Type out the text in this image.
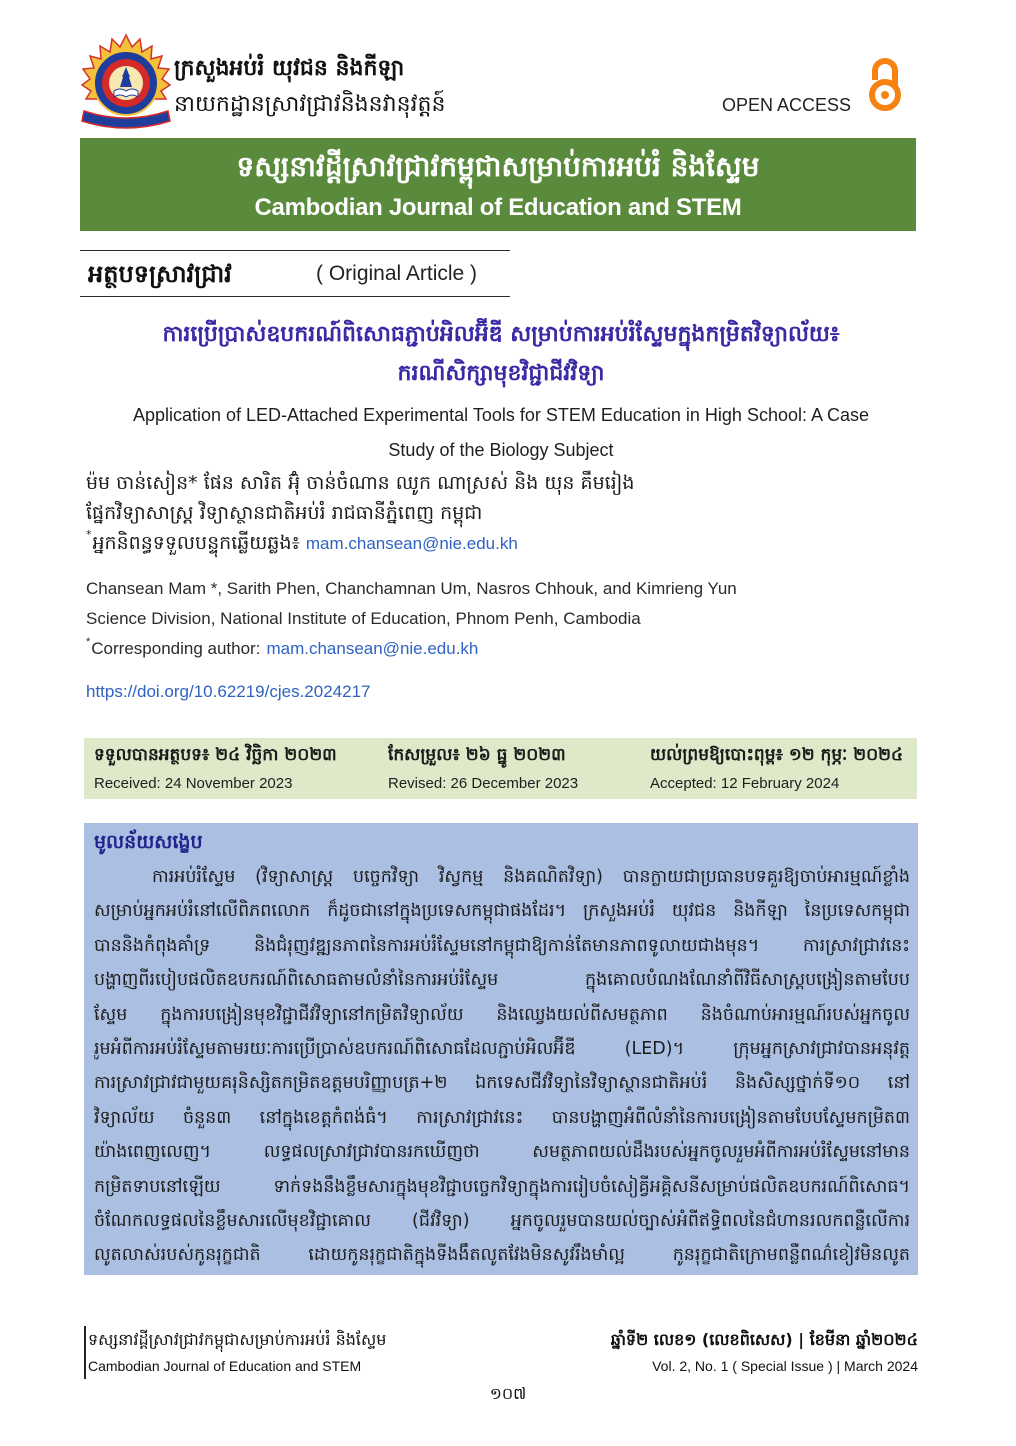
ក្រសួងអប់រំ យុវជន និងកីឡា
នាយកដ្ឋានស្រាវជ្រាវនិងនវានុវត្តន៍	OPEN ACCESS
ទស្សនាវដ្ដីស្រាវជ្រាវកម្ពុជាសម្រាប់ការអប់រំ និងស្ទែម
Cambodian Journal of Education and STEM
អត្ថបទស្រាវជ្រាវ	( Original Article )
ការប្រើប្រាស់ឧបករណ៍ពិសោធភ្ជាប់អិលអ៊ីឌី សម្រាប់ការអប់រំស្ទែមក្នុងកម្រិតវិទ្យាល័យ៖
ករណីសិក្សាមុខវិជ្ជាជីវវិទ្យា
Application of LED-Attached Experimental Tools for STEM Education in High School: A Case
Study of the Biology Subject
ម៉ម ចាន់សៀន* ផែន សារិត អ៊ុំ ចាន់ចំណាន ឈូក ណាស្រស់ និង យុន គឹមរៀង
ផ្នែកវិទ្យាសាស្ត្រ វិទ្យាស្ថានជាតិអប់រំ រាជធានីភ្នំពេញ កម្ពុជា
*អ្នកនិពន្ធទទួលបន្ទុកឆ្លើយឆ្លង៖ mam.chansean@nie.edu.kh
Chansean Mam *, Sarith Phen, Chanchamnan Um, Nasros Chhouk, and Kimrieng Yun
Science Division, National Institute of Education, Phnom Penh, Cambodia
*Corresponding author: mam.chansean@nie.edu.kh
https://doi.org/10.62219/cjes.2024217
ទទួលបានអត្ថបទ៖ ២៤ វិច្ឆិកា ២០២៣
Received: 24 November 2023
កែសម្រួល៖ ២៦ ធ្នូ ២០២៣
Revised: 26 December 2023
យល់ព្រមឱ្យបោះពុម្ព៖ ១២ កុម្ភៈ ២០២៤
Accepted: 12 February 2024
មូលន័យសង្ខេប
ការអប់រំស្ទែម (វិទ្យាសាស្ត្រ បច្ចេកវិទ្យា វិស្វកម្ម និងគណិតវិទ្យា) បានក្លាយជាប្រធានបទគួរឱ្យចាប់អារម្មណ៍ខ្លាំង
សម្រាប់អ្នកអប់រំនៅលើពិភពលោក ក៏ដូចជានៅក្នុងប្រទេសកម្ពុជាផងដែរ។ ក្រសួងអប់រំ យុវជន និងកីឡា នៃប្រទេសកម្ពុជា
បាននិងកំពុងគាំទ្រ និងជំរុញវឌ្ឍនភាពនៃការអប់រំស្ទែមនៅកម្ពុជាឱ្យកាន់តែមានភាពទូលាយជាងមុន។ ការស្រាវជ្រាវនេះ
បង្ហាញពីរបៀបផលិតឧបករណ៍ពិសោធតាមលំនាំនៃការអប់រំស្ទែម ក្នុងគោលបំណងណែនាំពីវិធីសាស្ត្របង្រៀនតាមបែប
ស្ទែម ក្នុងការបង្រៀនមុខវិជ្ជាជីវវិទ្យានៅកម្រិតវិទ្យាល័យ និងឈ្វេងយល់ពីសមត្ថភាព និងចំណាប់អារម្មណ៍របស់អ្នកចូល
រួមអំពីការអប់រំស្ទែមតាមរយៈការប្រើប្រាស់ឧបករណ៍ពិសោធដែលភ្ជាប់អិលអ៊ីឌី (LED)។ ក្រុមអ្នកស្រាវជ្រាវបានអនុវត្ត
ការស្រាវជ្រាវជាមួយគរុនិស្សិតកម្រិតឧត្តមបរិញ្ញាបត្រ+២ ឯកទេសជីវវិទ្យានៃវិទ្យាស្ថានជាតិអប់រំ និងសិស្សថ្នាក់ទី១០ នៅ
វិទ្យាល័យ ចំនួន៣ នៅក្នុងខេត្តកំពង់ធំ។ ការស្រាវជ្រាវនេះ បានបង្ហាញអំពីលំនាំនៃការបង្រៀនតាមបែបស្ទែមកម្រិត៣
យ៉ាងពេញលេញ។ លទ្ធផលស្រាវជ្រាវបានរកឃើញថា សមត្ថភាពយល់ដឹងរបស់អ្នកចូលរួមអំពីការអប់រំស្ទែមនៅមាន
កម្រិតទាបនៅឡើយ ទាក់ទងនឹងខ្លឹមសារក្នុងមុខវិជ្ជាបច្ចេកវិទ្យាក្នុងការរៀបចំសៀគ្វីអគ្គិសនីសម្រាប់ផលិតឧបករណ៍ពិសោធ។
ចំណែកលទ្ធផលនៃខ្លឹមសារលើមុខវិជ្ជាគោល (ជីវវិទ្យា) អ្នកចូលរួមបានយល់ច្បាស់អំពីឥទ្ធិពលនៃជំហានរលកពន្លឺលើការ
លូតលាស់របស់កូនរុក្ខជាតិ ដោយកូនរុក្ខជាតិក្នុងទីងងឹតលូតវែងមិនសូវរឹងមាំល្អ កូនរុក្ខជាតិក្រោមពន្លឺពណ៌ខៀវមិនលូត
ទស្សនាវដ្ដីស្រាវជ្រាវកម្ពុជាសម្រាប់ការអប់រំ និងស្ទែម
Cambodian Journal of Education and STEM
ឆ្នាំទី២ លេខ១ (លេខពិសេស) | ខែមីនា ឆ្នាំ២០២៤
Vol. 2, No. 1 ( Special Issue ) | March 2024
១០៧
